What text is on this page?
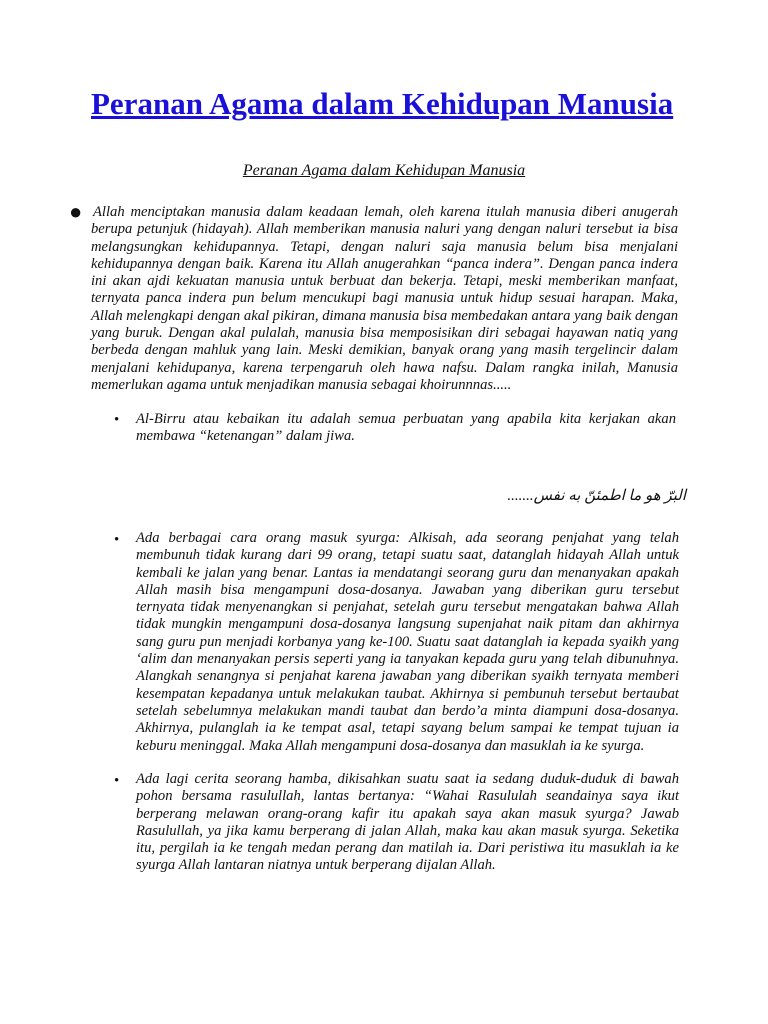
Peranan Agama dalam Kehidupan Manusia

Peranan Agama dalam Kehidupan Manusia

● Allah menciptakan manusia dalam keadaan lemah, oleh karena itulah manusia diberi anugerah berupa petunjuk (hidayah). Allah memberikan manusia naluri yang dengan naluri tersebut ia bisa melangsungkan kehidupannya. Tetapi, dengan naluri saja manusia belum bisa menjalani kehidupannya dengan baik. Karena itu Allah anugerahkan “panca indera”. Dengan panca indera ini akan ajdi kekuatan manusia untuk berbuat dan bekerja. Tetapi, meski memberikan manfaat, ternyata panca indera pun belum mencukupi bagi manusia untuk hidup sesuai harapan. Maka, Allah melengkapi dengan akal pikiran, dimana manusia bisa membedakan antara yang baik dengan yang buruk. Dengan akal pulalah, manusia bisa memposisikan diri sebagai hayawan natiq yang berbeda dengan mahluk yang lain. Meski demikian, banyak orang yang masih tergelincir dalam menjalani kehidupanya, karena terpengaruh oleh hawa nafsu. Dalam rangka inilah, Manusia memerlukan agama untuk menjadikan manusia sebagai khoirunnnas.....

• Al-Birru atau kebaikan itu adalah semua perbuatan yang apabila kita kerjakan akan membawa “ketenangan” dalam jiwa.

البرّ هو ما اطمئنّ به نفس.......

• Ada berbagai cara orang masuk syurga: Alkisah, ada seorang penjahat yang telah membunuh tidak kurang dari 99 orang, tetapi suatu saat, datanglah hidayah Allah untuk kembali ke jalan yang benar. Lantas ia mendatangi seorang guru dan menanyakan apakah Allah masih bisa mengampuni dosa-dosanya. Jawaban yang diberikan guru tersebut ternyata tidak menyenangkan si penjahat, setelah guru tersebut mengatakan bahwa Allah tidak mungkin mengampuni dosa-dosanya langsung supenjahat naik pitam dan akhirnya sang guru pun menjadi korbanya yang ke-100. Suatu saat datanglah ia kepada syaikh yang ‘alim dan menanyakan persis seperti yang ia tanyakan kepada guru yang telah dibunuhnya. Alangkah senangnya si penjahat karena jawaban yang diberikan syaikh ternyata memberi kesempatan kepadanya untuk melakukan taubat. Akhirnya si pembunuh tersebut bertaubat setelah sebelumnya melakukan mandi taubat dan berdo’a minta diampuni dosa-dosanya. Akhirnya, pulanglah ia ke tempat asal, tetapi sayang belum sampai ke tempat tujuan ia keburu meninggal. Maka Allah mengampuni dosa-dosanya dan masuklah ia ke syurga.

• Ada lagi cerita seorang hamba, dikisahkan suatu saat ia sedang duduk-duduk di bawah pohon bersama rasulullah, lantas bertanya: “Wahai Rasululah seandainya saya ikut berperang melawan orang-orang kafir itu apakah saya akan masuk syurga? Jawab Rasulullah, ya jika kamu berperang di jalan Allah, maka kau akan masuk syurga. Seketika itu, pergilah ia ke tengah medan perang dan matilah ia. Dari peristiwa itu masuklah ia ke syurga Allah lantaran niatnya untuk berperang dijalan Allah.
